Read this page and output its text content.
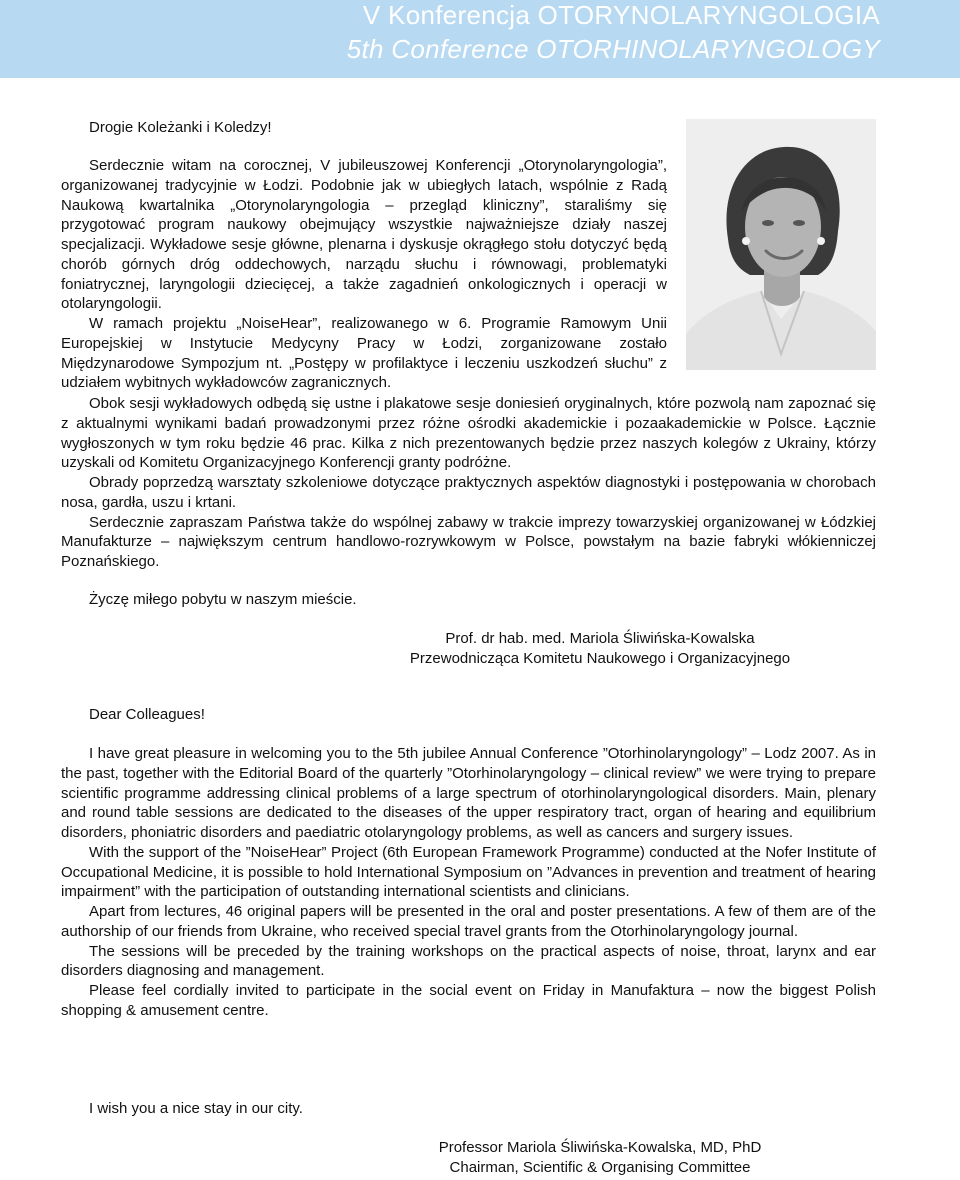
V Konferencja OTORYNOLARYNGOLOGIA
5th Conference OTORHINOLARYNGOLOGY
Drogie Koleżanki i Koledzy!

Serdecznie witam na corocznej, V jubileuszowej Konferencji „Otorynolaryngologia”, organizowanej tradycyjnie w Łodzi. Podobnie jak w ubiegłych latach, wspólnie z Radą Naukową kwartalnika „Otorynolaryngologia – przegląd kliniczny”, staraliśmy się przygotować program naukowy obejmujący wszystkie najważniejsze działy naszej specjalizacji. Wykładowe sesje główne, plenarna i dyskusje okrągłego stołu dotyczyć będą chorób górnych dróg oddechowych, narządu słuchu i równowagi, problematyki foniatrycznej, laryngologii dziecięcej, a także zagadnień onkologicznych i operacji w otolaryngologii.

W ramach projektu „NoiseHear”, realizowanego w 6. Programie Ramowym Unii Europejskiej w Instytucie Medycyny Pracy w Łodzi, zorganizowane zostało Międzynarodowe Sympozjum nt. „Postępy w profilaktyce i leczeniu uszkodzeń słuchu” z udziałem wybitnych wykładowców zagranicznych.

Obok sesji wykładowych odbędą się ustne i plakatowe sesje doniesień oryginalnych, które pozwolą nam zapoznać się z aktualnymi wynikami badań prowadzonymi przez różne ośrodki akademickie i pozaakademickie w Polsce. Łącznie wygłoszonych w tym roku będzie 46 prac. Kilka z nich prezentowanych będzie przez naszych kolegów z Ukrainy, którzy uzyskali od Komitetu Organizacyjnego Konferencji granty podróżne.

Obrady poprzedzą warsztaty szkoleniowe dotyczące praktycznych aspektów diagnostyki i postępowania w chorobach nosa, gardła, uszu i krtani.

Serdecznie zapraszam Państwa także do wspólnej zabawy w trakcie imprezy towarzyskiej organizowanej w Łódzkiej Manufakturze – największym centrum handlowo-rozrywkowym w Polsce, powstałym na bazie fabryki włókienniczej Poznańskiego.

Życzę miłego pobytu w naszym mieście.
Prof. dr hab. med. Mariola Śliwińska-Kowalska
Przewodnicząca Komitetu Naukowego i Organizacyjnego
Dear Colleagues!

I have great pleasure in welcoming you to the 5th jubilee Annual Conference ”Otorhinolaryngology” – Lodz 2007. As in the past, together with the Editorial Board of the quarterly ”Otorhinolaryngology – clinical review” we were trying to prepare scientific programme addressing clinical problems of a large spectrum of otorhinolaryngological disorders. Main, plenary and round table sessions are dedicated to the diseases of the upper respiratory tract, organ of hearing and equilibrium disorders, phoniatric disorders and paediatric otolaryngology problems, as well as cancers and surgery issues.

With the support of the ”NoiseHear” Project (6th European Framework Programme) conducted at the Nofer Institute of Occupational Medicine, it is possible to hold International Symposium on ”Advances in prevention and treatment of hearing impairment” with the participation of outstanding international scientists and clinicians.

Apart from lectures, 46 original papers will be presented in the oral and poster presentations. A few of them are of the authorship of our friends from Ukraine, who received special travel grants from the Otorhinolaryngology journal.

The sessions will be preceded by the training workshops on the practical aspects of noise, throat, larynx and ear disorders diagnosing and management.

Please feel cordially invited to participate in the social event on Friday in Manufaktura – now the biggest Polish shopping & amusement centre.

I wish you a nice stay in our city.
Professor Mariola Śliwińska-Kowalska, MD, PhD
Chairman, Scientific & Organising Committee
